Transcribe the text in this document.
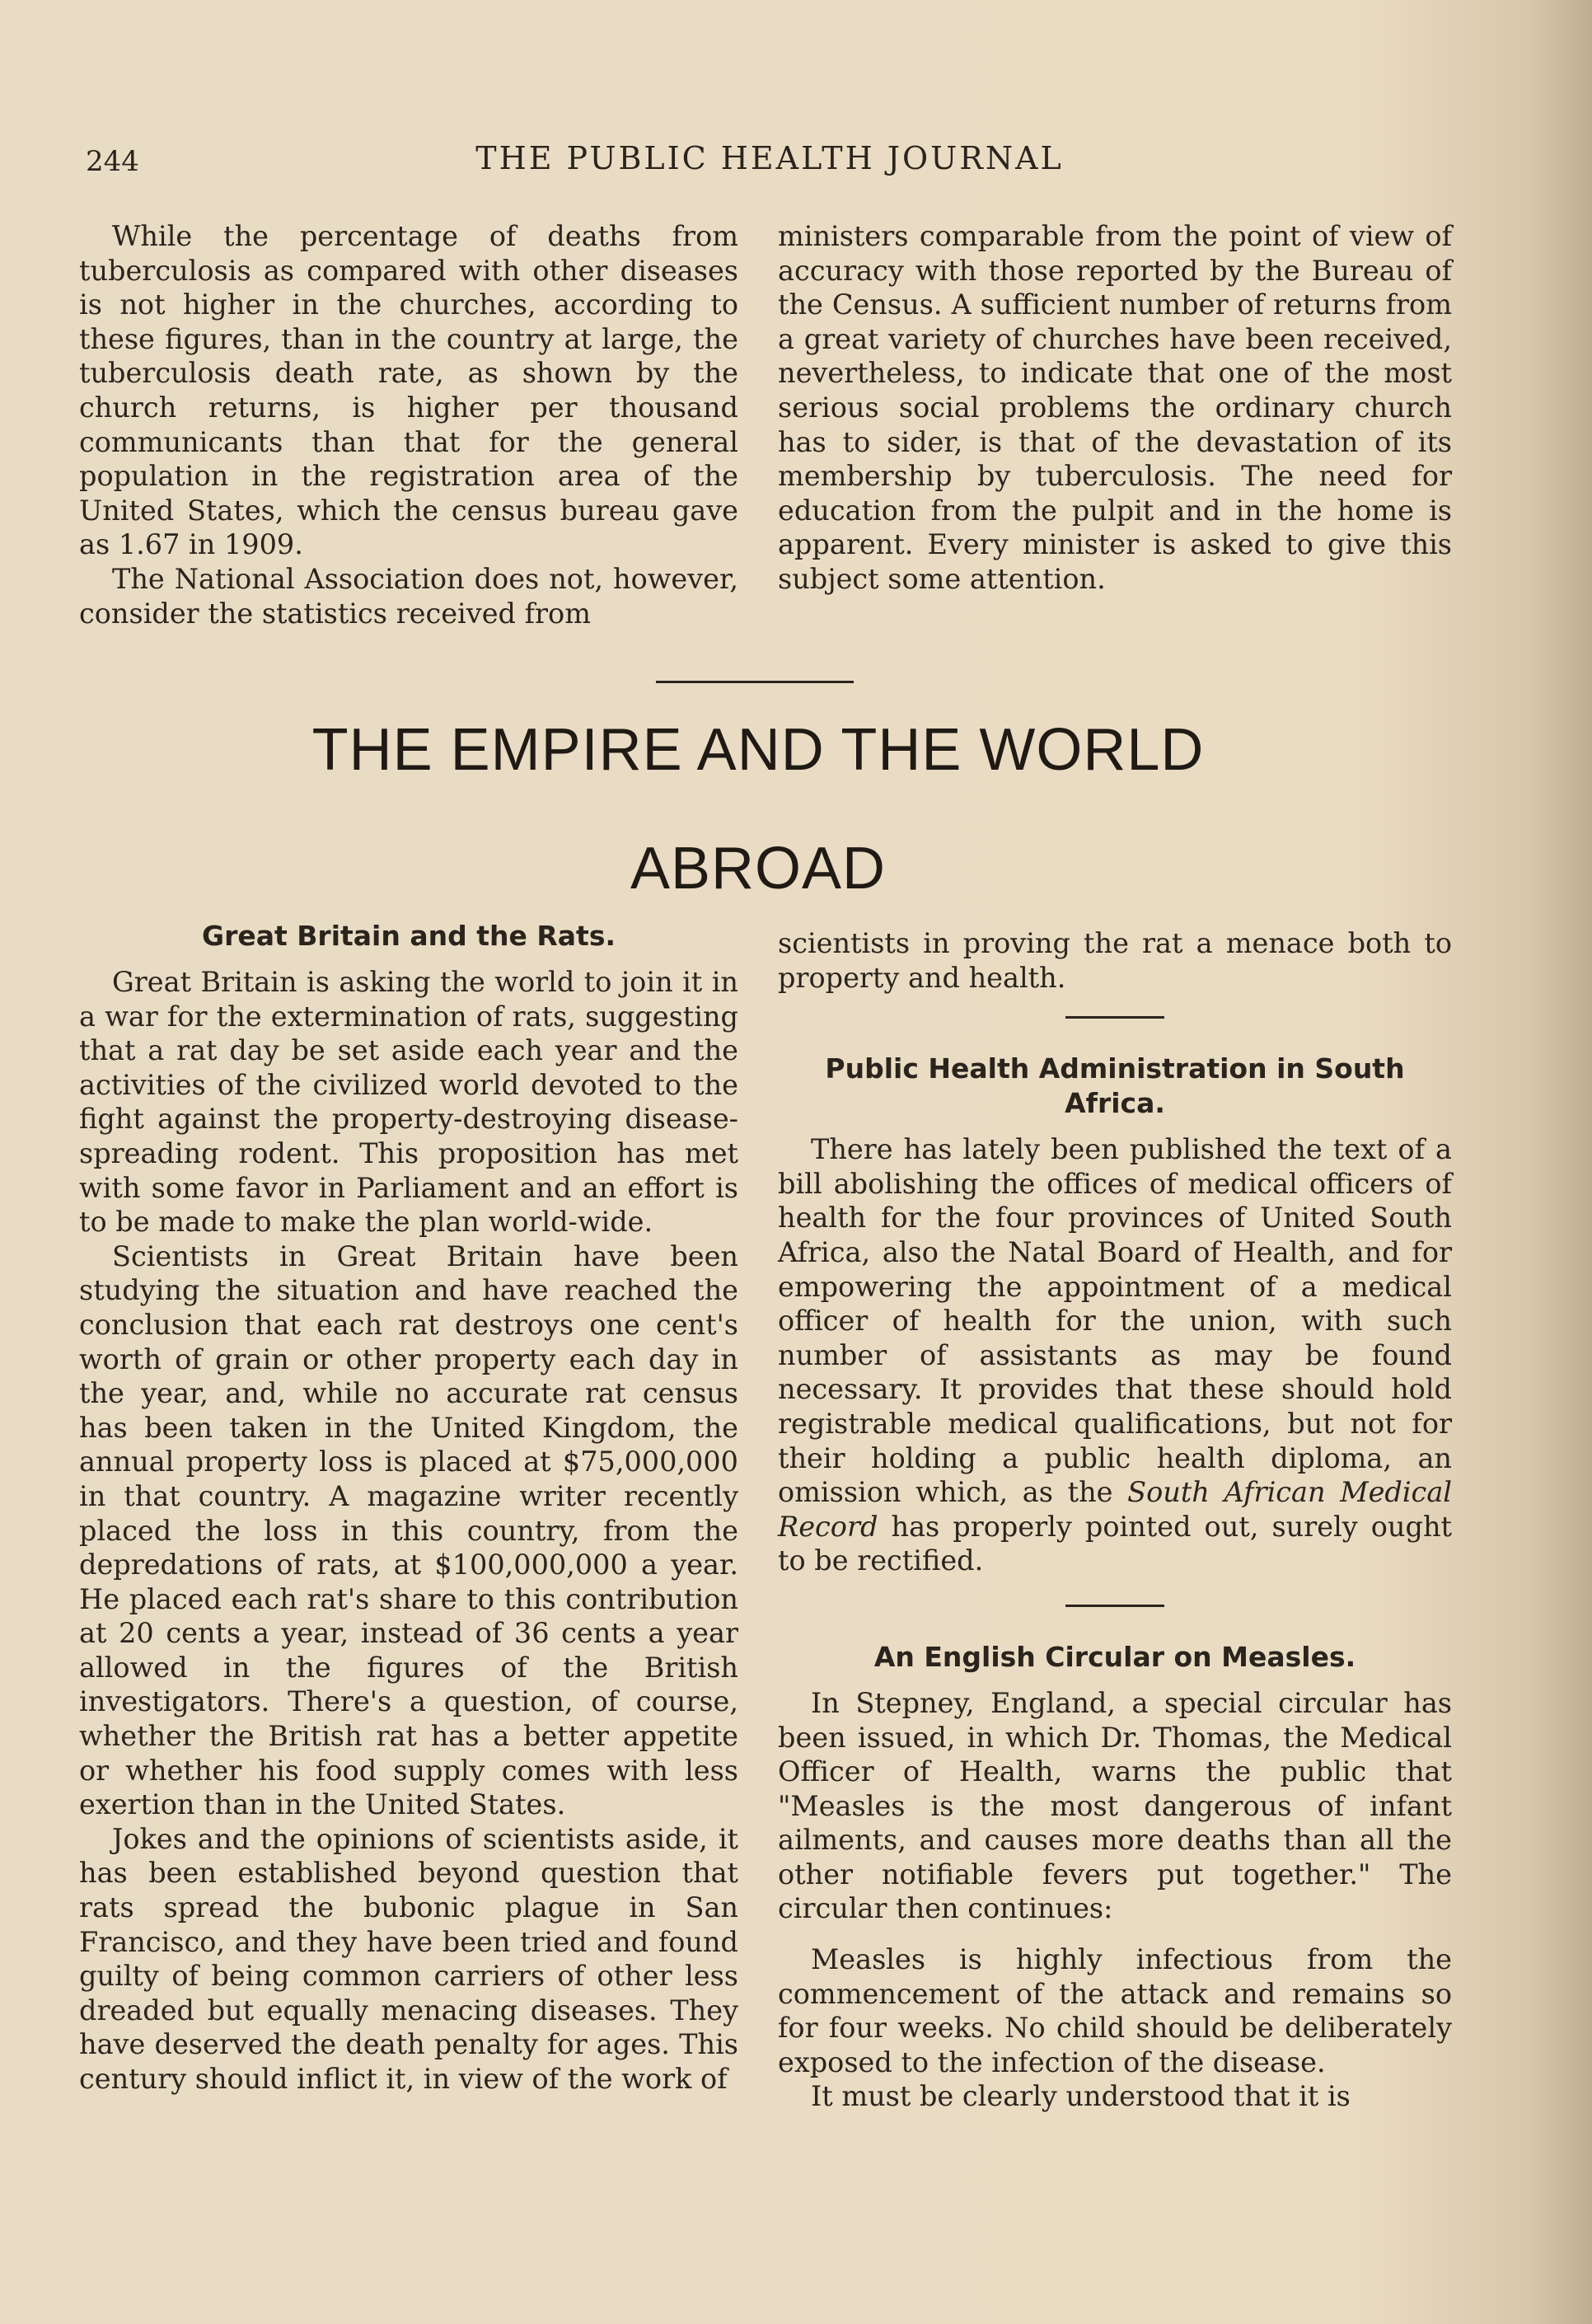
244	THE PUBLIC HEALTH JOURNAL

While the percentage of deaths from tuberculosis as compared with other diseases is not higher in the churches, according to these figures, than in the country at large, the tuberculosis death rate, as shown by the church returns, is higher per thousand communicants than that for the general population in the registration area of the United States, which the census bureau gave as 1.67 in 1909.

The National Association does not, however, consider the statistics received from

ministers comparable from the point of view of accuracy with those reported by the Bureau of the Census. A sufficient number of returns from a great variety of churches have been received, nevertheless, to indicate that one of the most serious social problems the ordinary church has to sider, is that of the devastation of its membership by tuberculosis. The need for education from the pulpit and in the home is apparent. Every minister is asked to give this subject some attention.

THE EMPIRE AND THE WORLD
ABROAD
Great Britain and the Rats.

Great Britain is asking the world to join it in a war for the extermination of rats, suggesting that a rat day be set aside each year and the activities of the civilized world devoted to the fight against the property-destroying disease-spreading rodent. This proposition has met with some favor in Parliament and an effort is to be made to make the plan world-wide.

Scientists in Great Britain have been studying the situation and have reached the conclusion that each rat destroys one cent's worth of grain or other property each day in the year, and, while no accurate rat census has been taken in the United Kingdom, the annual property loss is placed at $75,000,000 in that country. A magazine writer recently placed the loss in this country, from the depredations of rats, at $100,000,000 a year. He placed each rat's share to this contribution at 20 cents a year, instead of 36 cents a year allowed in the figures of the British investigators. There's a question, of course, whether the British rat has a better appetite or whether his food supply comes with less exertion than in the United States.

Jokes and the opinions of scientists aside, it has been established beyond question that rats spread the bubonic plague in San Francisco, and they have been tried and found guilty of being common carriers of other less dreaded but equally menacing diseases. They have deserved the death penalty for ages. This century should inflict it, in view of the work of

scientists in proving the rat a menace both to property and health.

Public Health Administration in South Africa.

There has lately been published the text of a bill abolishing the offices of medical officers of health for the four provinces of United South Africa, also the Natal Board of Health, and for empowering the appointment of a medical officer of health for the union, with such number of assistants as may be found necessary. It provides that these should hold registrable medical qualifications, but not for their holding a public health diploma, an omission which, as the South African Medical Record has properly pointed out, surely ought to be rectified.

An English Circular on Measles.

In Stepney, England, a special circular has been issued, in which Dr. Thomas, the Medical Officer of Health, warns the public that "Measles is the most dangerous of infant ailments, and causes more deaths than all the other notifiable fevers put together." The circular then continues:

Measles is highly infectious from the commencement of the attack and remains so for four weeks. No child should be deliberately exposed to the infection of the disease.

It must be clearly understood that it is
